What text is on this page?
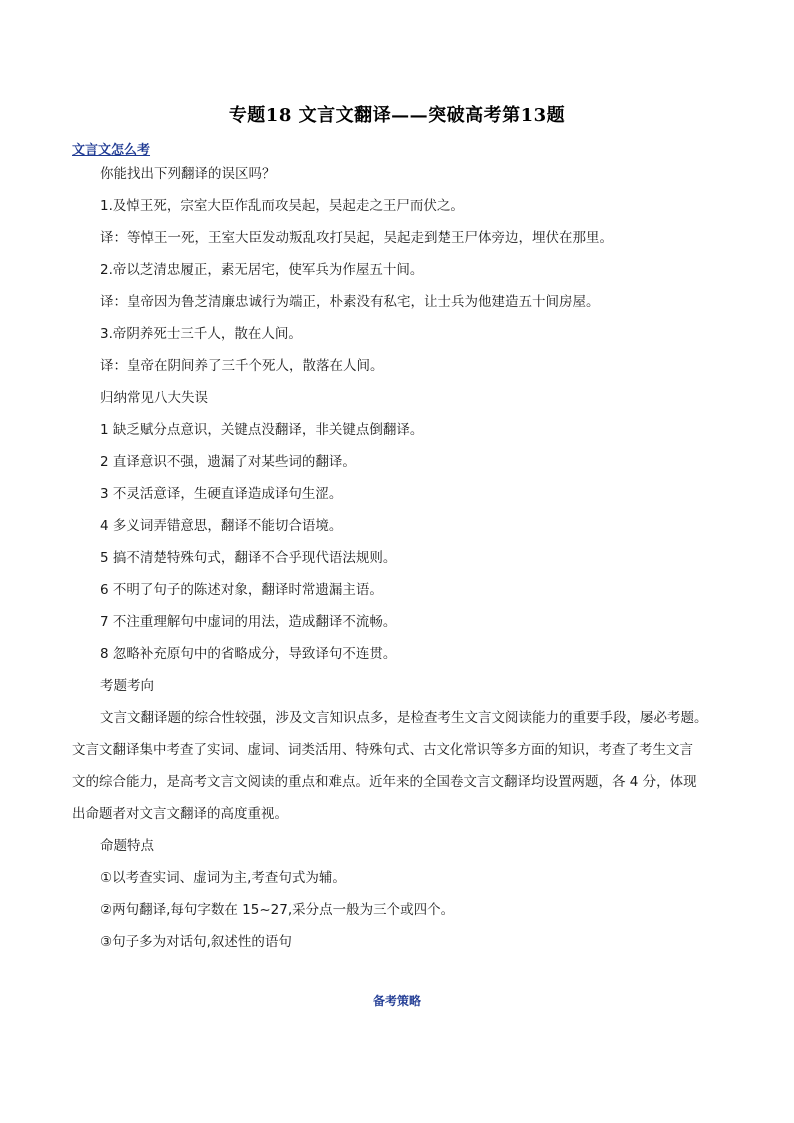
专题18 文言文翻译——突破高考第13题
文言文怎么考
你能找出下列翻译的误区吗？
1.及悼王死，宗室大臣作乱而攻吴起，吴起走之王尸而伏之。
译：等悼王一死，王室大臣发动叛乱攻打吴起，吴起走到楚王尸体旁边，埋伏在那里。
2.帝以芝清忠履正，素无居宅，使军兵为作屋五十间。
译：皇帝因为鲁芝清廉忠诚行为端正，朴素没有私宅，让士兵为他建造五十间房屋。
3.帝阴养死士三千人，散在人间。
译：皇帝在阴间养了三千个死人，散落在人间。
归纳常见八大失误
1 缺乏赋分点意识，关键点没翻译，非关键点倒翻译。
2 直译意识不强，遗漏了对某些词的翻译。
3 不灵活意译，生硬直译造成译句生涩。
4 多义词弄错意思，翻译不能切合语境。
5 搞不清楚特殊句式，翻译不合乎现代语法规则。
6 不明了句子的陈述对象，翻译时常遗漏主语。
7 不注重理解句中虚词的用法，造成翻译不流畅。
8 忽略补充原句中的省略成分，导致译句不连贯。
考题考向
文言文翻译题的综合性较强，涉及文言知识点多，是检查考生文言文阅读能力的重要手段，屡必考题。
文言文翻译集中考查了实词、虚词、词类活用、特殊句式、古文化常识等多方面的知识，考查了考生文言
文的综合能力，是高考文言文阅读的重点和难点。近年来的全国卷文言文翻译均设置两题，各 4 分，体现
出命题者对文言文翻译的高度重视。
命题特点
①以考查实词、虚词为主,考查句式为辅。
②两句翻译,每句字数在 15~27,采分点一般为三个或四个。
③句子多为对话句,叙述性的语句
备考策略
